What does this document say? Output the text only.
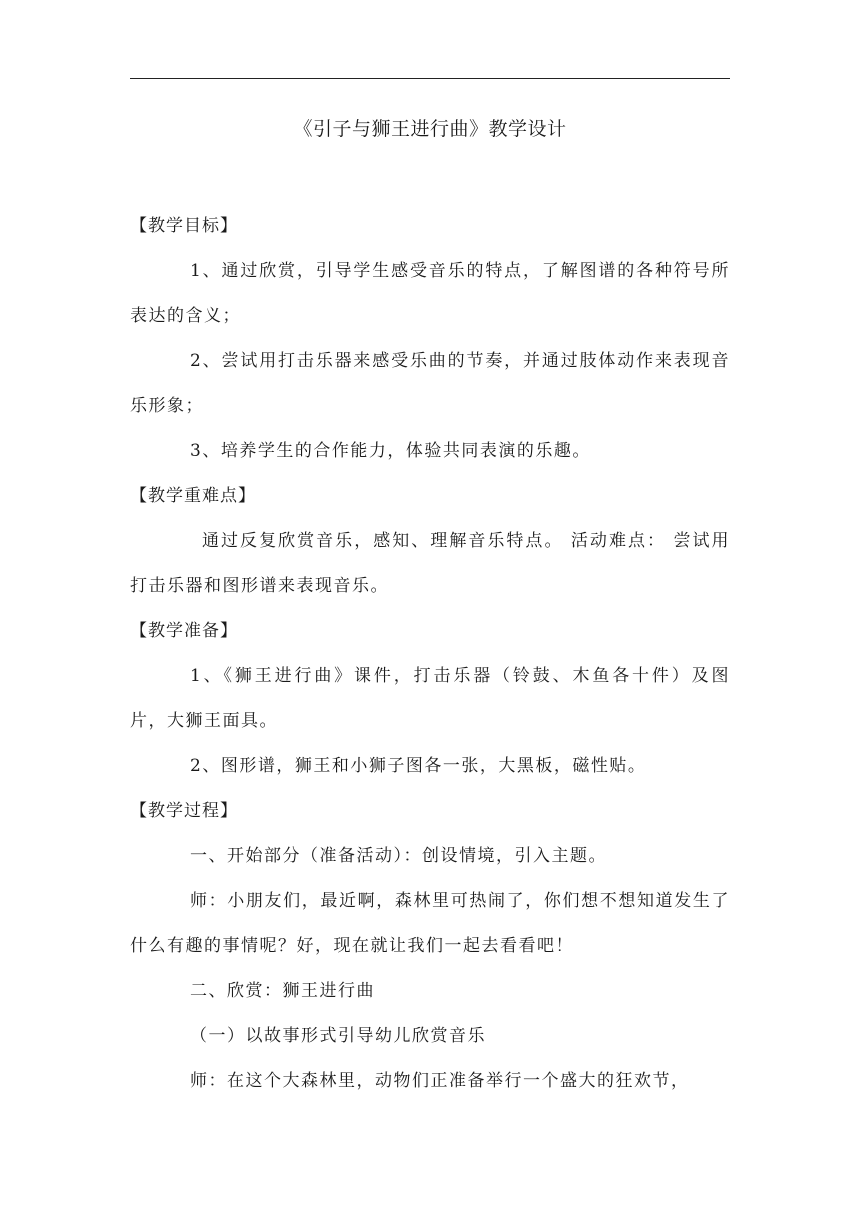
《引子与狮王进行曲》教学设计

【教学目标】

1、通过欣赏，引导学生感受音乐的特点，了解图谱的各种符号所表达的含义；

2、尝试用打击乐器来感受乐曲的节奏，并通过肢体动作来表现音乐形象；

3、培养学生的合作能力，体验共同表演的乐趣。

【教学重难点】

通过反复欣赏音乐，感知、理解音乐特点。 活动难点： 尝试用打击乐器和图形谱来表现音乐。

【教学准备】

1、《狮王进行曲》课件，打击乐器（铃鼓、木鱼各十件）及图片，大狮王面具。

2、图形谱，狮王和小狮子图各一张，大黑板，磁性贴。

【教学过程】

一、开始部分（准备活动）：创设情境，引入主题。

师：小朋友们，最近啊，森林里可热闹了，你们想不想知道发生了什么有趣的事情呢？好，现在就让我们一起去看看吧！

二、欣赏：狮王进行曲

（一）以故事形式引导幼儿欣赏音乐

师：在这个大森林里，动物们正准备举行一个盛大的狂欢节，
